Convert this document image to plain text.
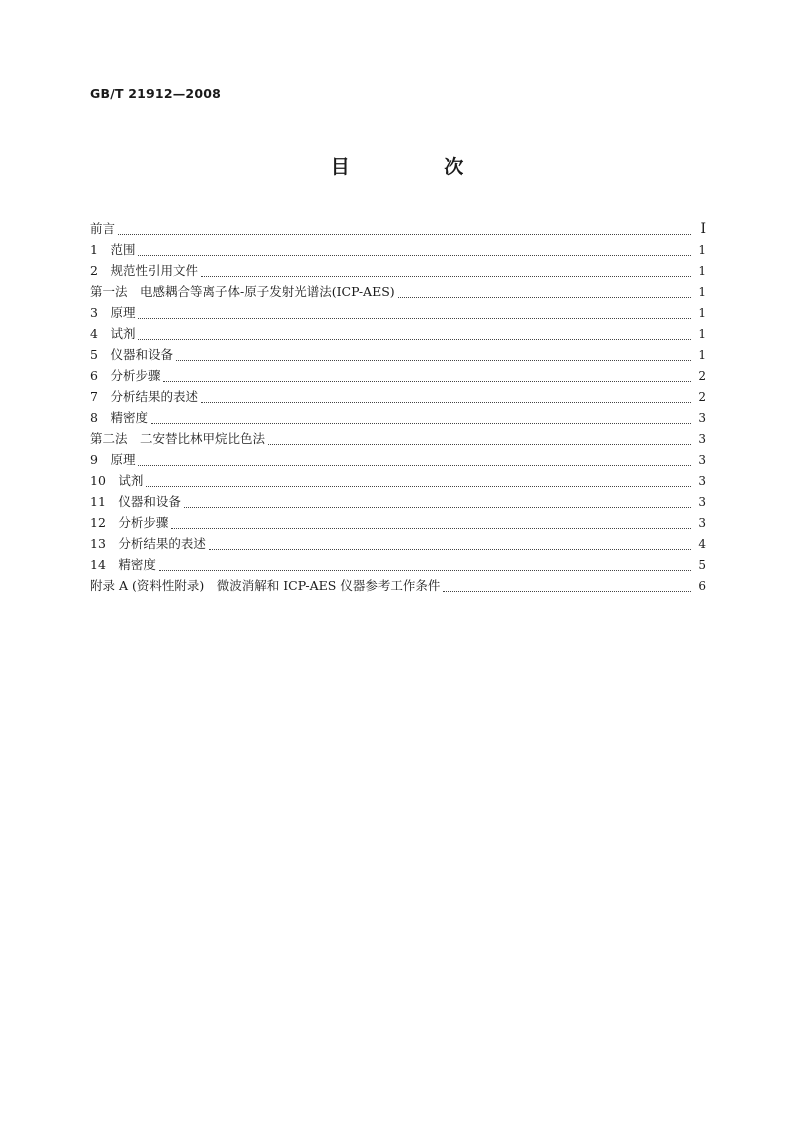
GB/T 21912—2008

目 次
前言	Ⅰ
1　范围	1
2　规范性引用文件	1
第一法　电感耦合等离子体-原子发射光谱法(ICP-AES)	1
3　原理	1
4　试剂	1
5　仪器和设备	1
6　分析步骤	2
7　分析结果的表述	2
8　精密度	3
第二法　二安替比林甲烷比色法	3
9　原理	3
10　试剂	3
11　仪器和设备	3
12　分析步骤	3
13　分析结果的表述	4
14　精密度	5
附录 A (资料性附录)　微波消解和 ICP-AES 仪器参考工作条件	6
